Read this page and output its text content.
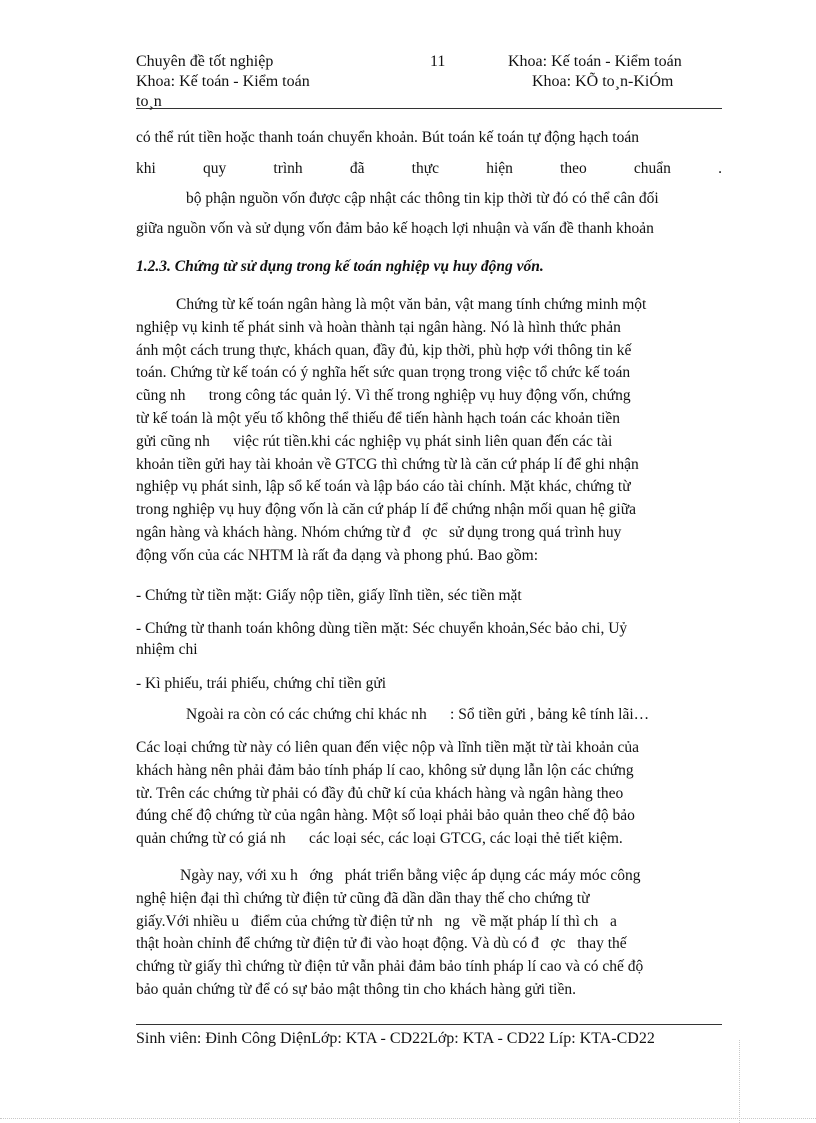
Chuyên đề tốt nghiệp	11	Khoa: Kế toán - Kiểm toán
Khoa: Kế toán - Kiểm toán	Khoa: KÕ to¸n-KiÓm
to¸n
có thể rút tiền hoặc thanh toán chuyển khoản. Bút toán kế toán tự động hạch toán
khi	quy	trình	đã	thực	hiện	theo	chuẩn	.
bộ phận nguồn vốn được cập nhật các thông tin kịp thời từ đó có thể cân đối
giữa nguồn vốn và sử dụng vốn đảm bảo kế hoạch lợi nhuận và vấn đề thanh khoản
1.2.3. Chứng từ sử dụng trong kế toán nghiệp vụ huy động vốn.
Chứng từ kế toán ngân hàng là một văn bản, vật mang tính chứng minh một
nghiệp vụ kinh tế phát sinh và hoàn thành tại ngân hàng. Nó là hình thức phản
ánh một cách trung thực, khách quan, đầy đủ, kịp thời, phù hợp với thông tin kế
toán. Chứng từ kế toán có ý nghĩa hết sức quan trọng trong việc tổ chức kế toán
cũng nh      trong công tác quản lý. Vì thế trong nghiệp vụ huy động vốn, chứng
từ kế toán là một yếu tố không thể thiếu để tiến hành hạch toán các khoản tiền
gửi cũng nh      việc rút tiền.khi các nghiệp vụ phát sinh liên quan đến các tài
khoản tiền gửi hay tài khoản về GTCG thì chứng từ là căn cứ pháp lí để ghi nhận
nghiệp vụ phát sinh, lập sổ kế toán và lập báo cáo tài chính. Mặt khác, chứng từ
trong nghiệp vụ huy động vốn là căn cứ pháp lí để chứng nhận mối quan hệ giữa
ngân hàng và khách hàng. Nhóm chứng từ đ   ợc   sử dụng trong quá trình huy
động vốn của các NHTM là rất đa dạng và phong phú. Bao gồm:
- Chứng từ tiền mặt: Giấy nộp tiền, giấy lĩnh tiền, séc tiền mặt
- Chứng từ thanh toán không dùng tiền mặt: Séc chuyển khoản,Séc bảo chi, Uỷ
nhiệm chi
- Kì phiếu, trái phiếu, chứng chỉ tiền gửi
Ngoài ra còn có các chứng chỉ khác nh      : Sổ tiền gửi , bảng kê tính lãi…
Các loại chứng từ này có liên quan đến việc nộp và lĩnh tiền mặt từ tài khoản của
khách hàng nên phải đảm bảo tính pháp lí cao, không sử dụng lẫn lộn các chứng
từ. Trên các chứng từ phải có đầy đủ chữ kí của khách hàng và ngân hàng theo
đúng chế độ chứng từ của ngân hàng. Một số loại phải bảo quản theo chế độ bảo
quản chứng từ có giá nh      các loại séc, các loại GTCG, các loại thẻ tiết kiệm.
Ngày nay, với xu h   ớng   phát triển bằng việc áp dụng các máy móc công
nghệ hiện đại thì chứng từ điện tử cũng đã dần dần thay thế cho chứng từ
giấy.Với nhiều u   điểm của chứng từ điện tử nh   ng   về mặt pháp lí thì ch   a
thật hoàn chỉnh để chứng từ điện tử đi vào hoạt động. Và dù có đ   ợc   thay thế
chứng từ giấy thì chứng từ điện tử vẫn phải đảm bảo tính pháp lí cao và có chế độ
bảo quản chứng từ để có sự bảo mật thông tin cho khách hàng gửi tiền.
Sinh viên: Đinh Công DiệnLớp: KTA - CD22Lớp: KTA - CD22 Líp: KTA-CD22
